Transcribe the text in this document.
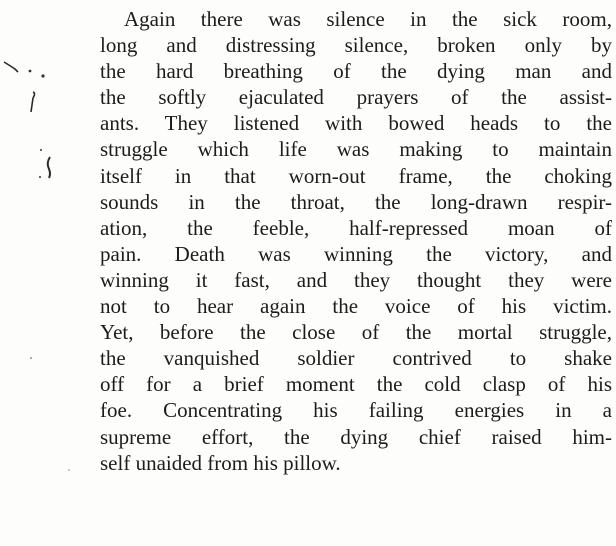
Again there was silence in the sick room,
long and distressing silence, broken only by
the hard breathing of the dying man and
the softly ejaculated prayers of the assist-
ants. They listened with bowed heads to the
struggle which life was making to maintain
itself in that worn-out frame, the choking
sounds in the throat, the long-drawn respir-
ation, the feeble, half-repressed moan of
pain. Death was winning the victory, and
winning it fast, and they thought they were
not to hear again the voice of his victim.
Yet, before the close of the mortal struggle,
the vanquished soldier contrived to shake
off for a brief moment the cold clasp of his
foe. Concentrating his failing energies in a
supreme effort, the dying chief raised him-
self unaided from his pillow.
